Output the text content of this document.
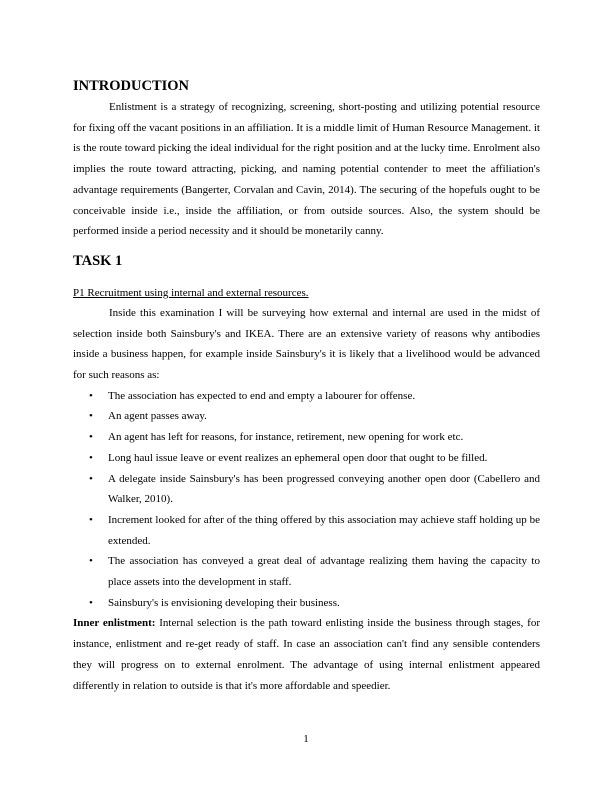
INTRODUCTION

Enlistment is a strategy of recognizing, screening, short-posting and utilizing potential resource for fixing off the vacant positions in an affiliation. It is a middle limit of Human Resource Management. it is the route toward picking the ideal individual for the right position and at the lucky time. Enrolment also implies the route toward attracting, picking, and naming potential contender to meet the affiliation's advantage requirements (Bangerter, Corvalan and Cavin, 2014). The securing of the hopefuls ought to be conceivable inside i.e., inside the affiliation, or from outside sources. Also, the system should be performed inside a period necessity and it should be monetarily canny.

TASK 1

P1 Recruitment using internal and external resources.

Inside this examination I will be surveying how external and internal are used in the midst of selection inside both Sainsbury's and IKEA. There are an extensive variety of reasons why antibodies inside a business happen, for example inside Sainsbury's it is likely that a livelihood would be advanced for such reasons as:

• The association has expected to end and empty a labourer for offense.
• An agent passes away.
• An agent has left for reasons, for instance, retirement, new opening for work etc.
• Long haul issue leave or event realizes an ephemeral open door that ought to be filled.
• A delegate inside Sainsbury's has been progressed conveying another open door (Cabellero and Walker, 2010).
• Increment looked for after of the thing offered by this association may achieve staff holding up be extended.
• The association has conveyed a great deal of advantage realizing them having the capacity to place assets into the development in staff.
• Sainsbury's is envisioning developing their business.

Inner enlistment: Internal selection is the path toward enlisting inside the business through stages, for instance, enlistment and re-get ready of staff. In case an association can't find any sensible contenders they will progress on to external enrolment. The advantage of using internal enlistment appeared differently in relation to outside is that it's more affordable and speedier.

1
